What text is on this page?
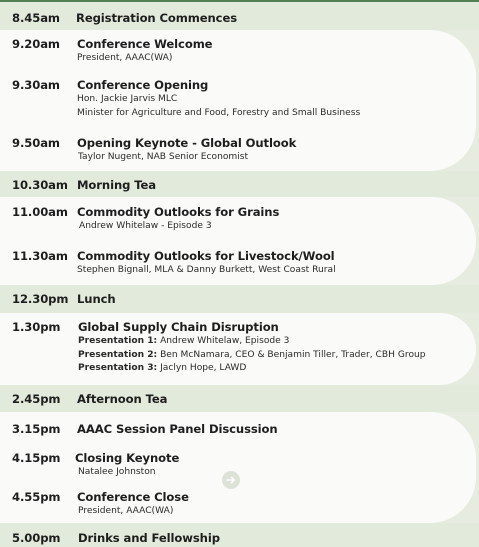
8.45am Registration Commences
9.20am Conference Welcome
President, AAAC(WA)
9.30am Conference Opening
Hon. Jackie Jarvis MLC
Minister for Agriculture and Food, Forestry and Small Business
9.50am Opening Keynote - Global Outlook
Taylor Nugent, NAB Senior Economist
10.30am Morning Tea
11.00am Commodity Outlooks for Grains
Andrew Whitelaw - Episode 3
11.30am Commodity Outlooks for Livestock/Wool
Stephen Bignall, MLA & Danny Burkett, West Coast Rural
12.30pm Lunch
1.30pm Global Supply Chain Disruption
Presentation 1: Andrew Whitelaw, Episode 3
Presentation 2: Ben McNamara, CEO & Benjamin Tiller, Trader, CBH Group
Presentation 3: Jaclyn Hope, LAWD
2.45pm Afternoon Tea
3.15pm AAAC Session Panel Discussion
4.15pm Closing Keynote
Natalee Johnston
4.55pm Conference Close
President, AAAC(WA)
5.00pm Drinks and Fellowship
